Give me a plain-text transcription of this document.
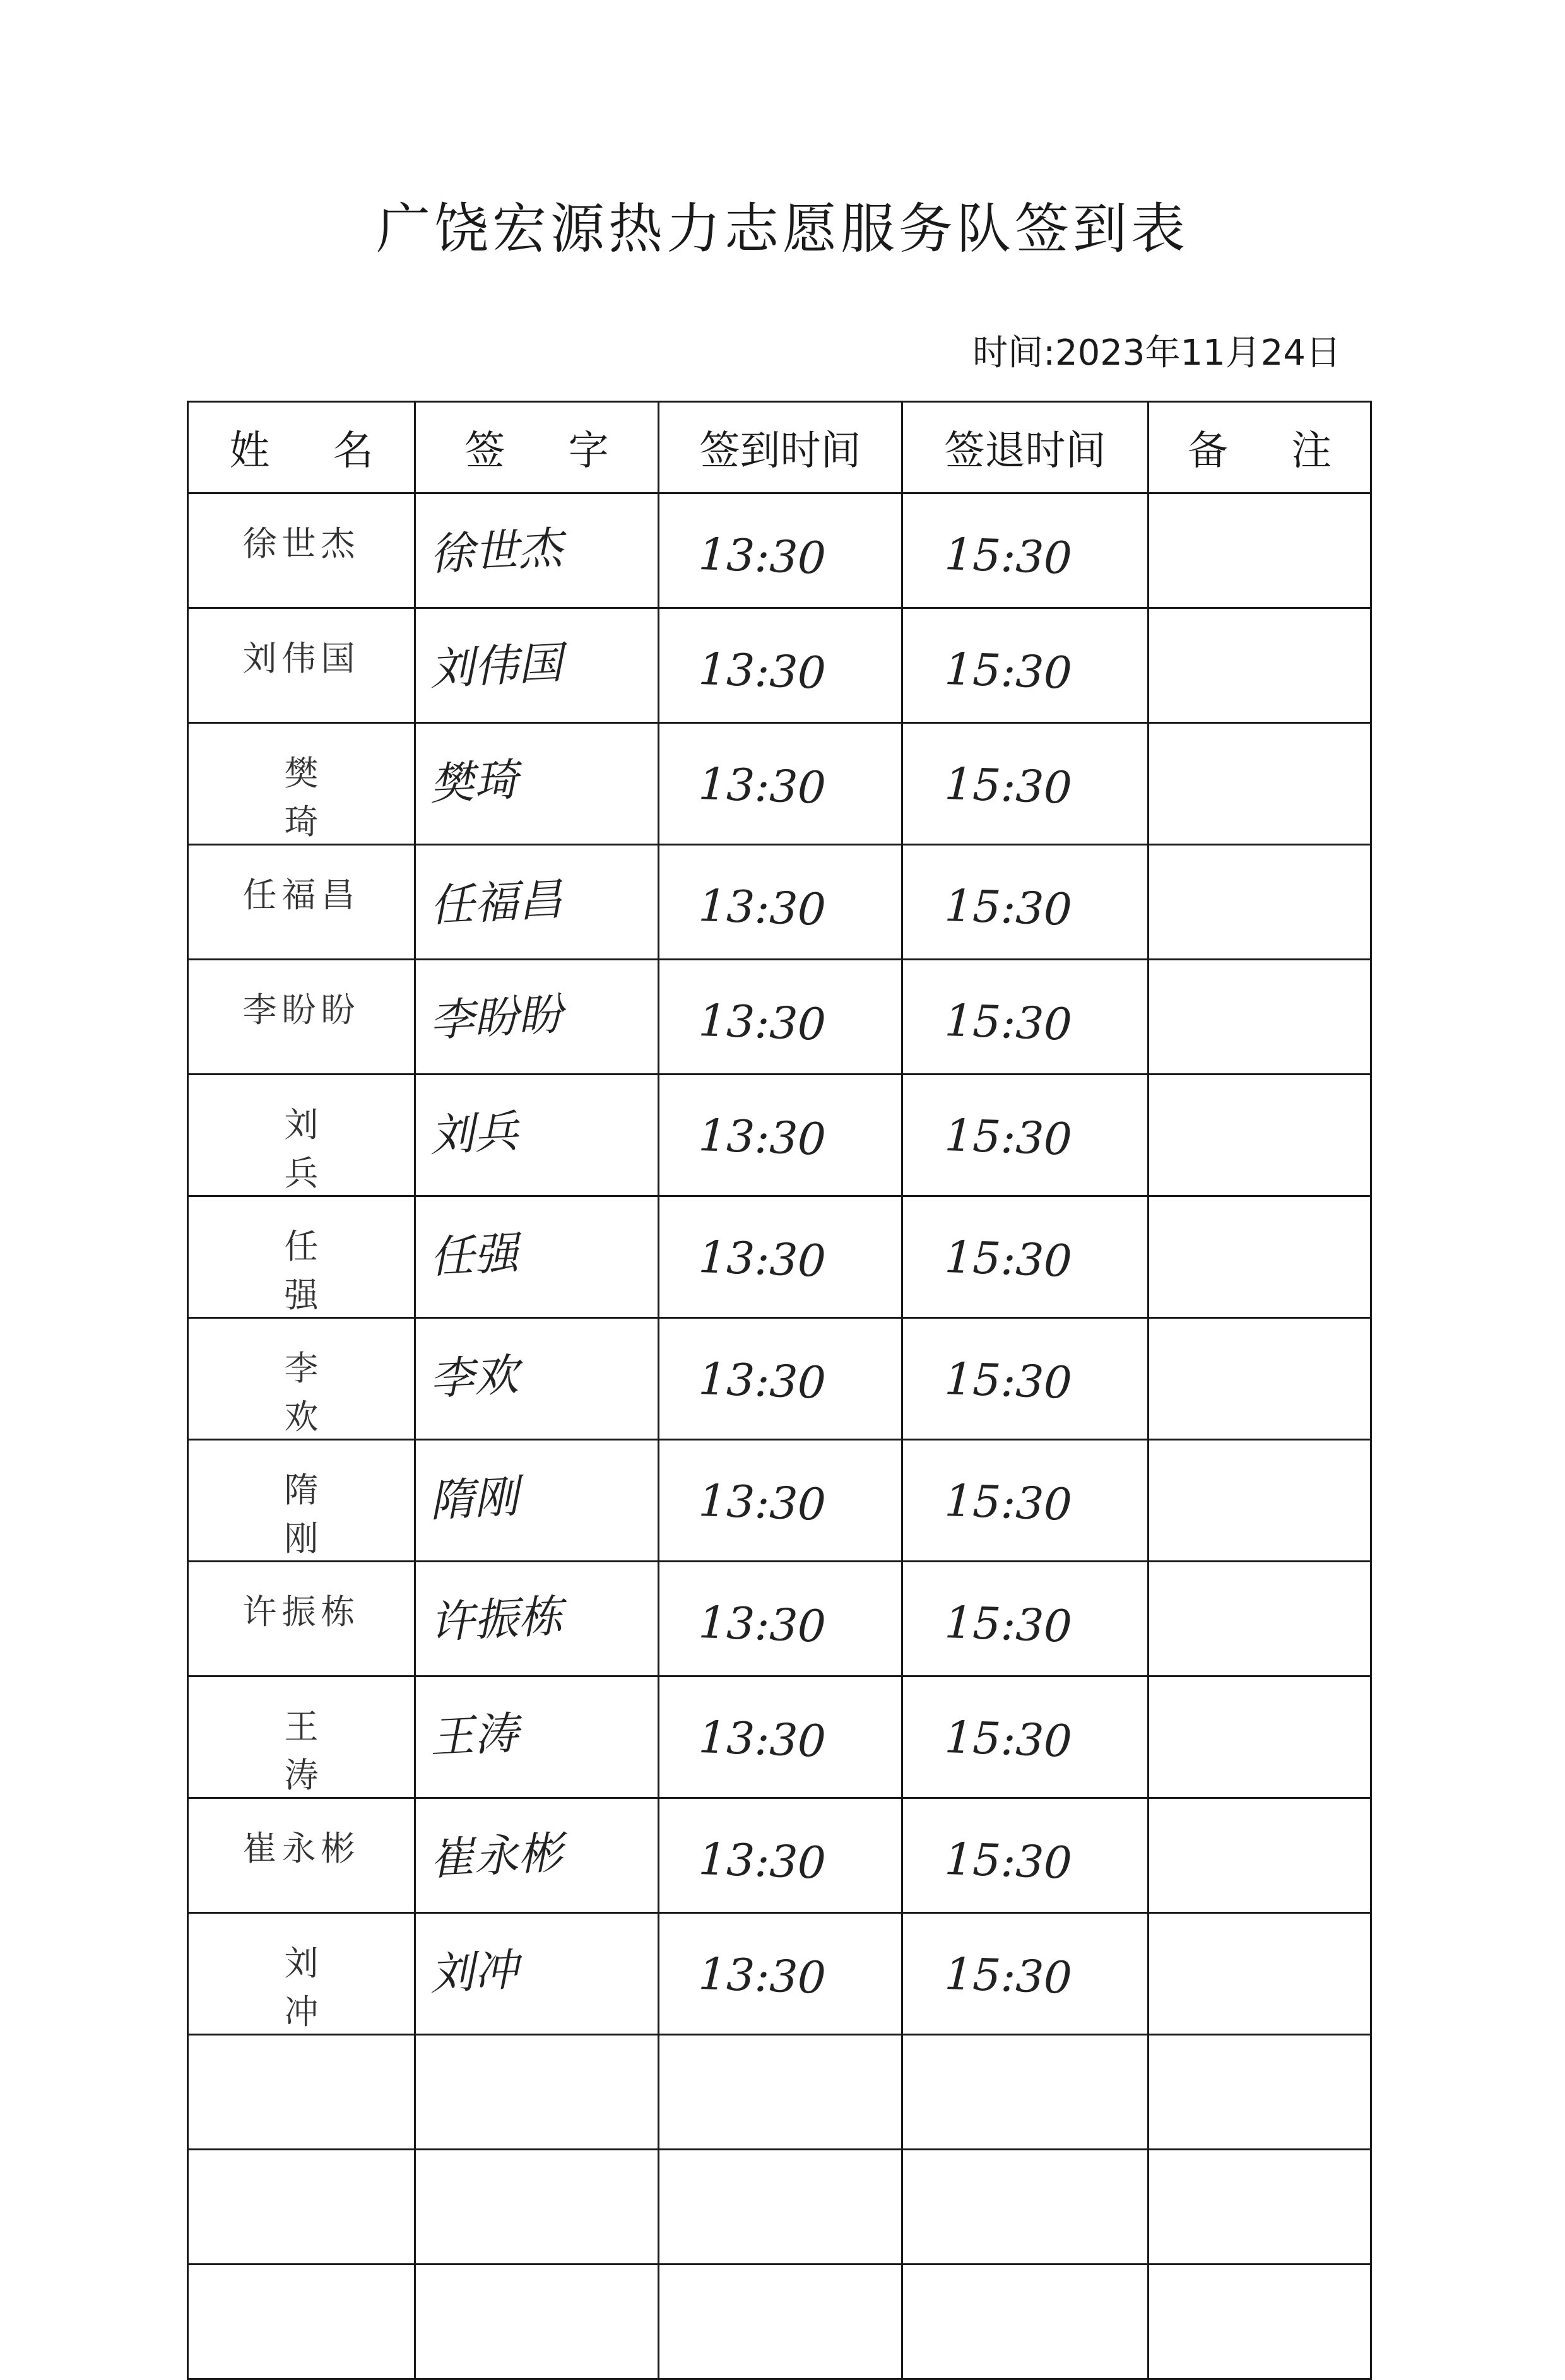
广饶宏源热力志愿服务队签到表
时间:2023年11月24日
姓 名	签 字	签到时间	签退时间	备 注
徐世杰	徐世杰	13:30	15:30	

刘伟国	刘伟国	13:30	15:30	

樊 琦	樊琦	13:30	15:30	

任福昌	任福昌	13:30	15:30	

李盼盼	李盼盼	13:30	15:30	

刘 兵	刘兵	13:30	15:30	

任 强	任强	13:30	15:30	

李 欢	李欢	13:30	15:30	

隋 刚	隋刚	13:30	15:30	

许振栋	许振栋	13:30	15:30	

王 涛	王涛	13:30	15:30	

崔永彬	崔永彬	13:30	15:30	

刘 冲	刘冲	13:30	15:30	
